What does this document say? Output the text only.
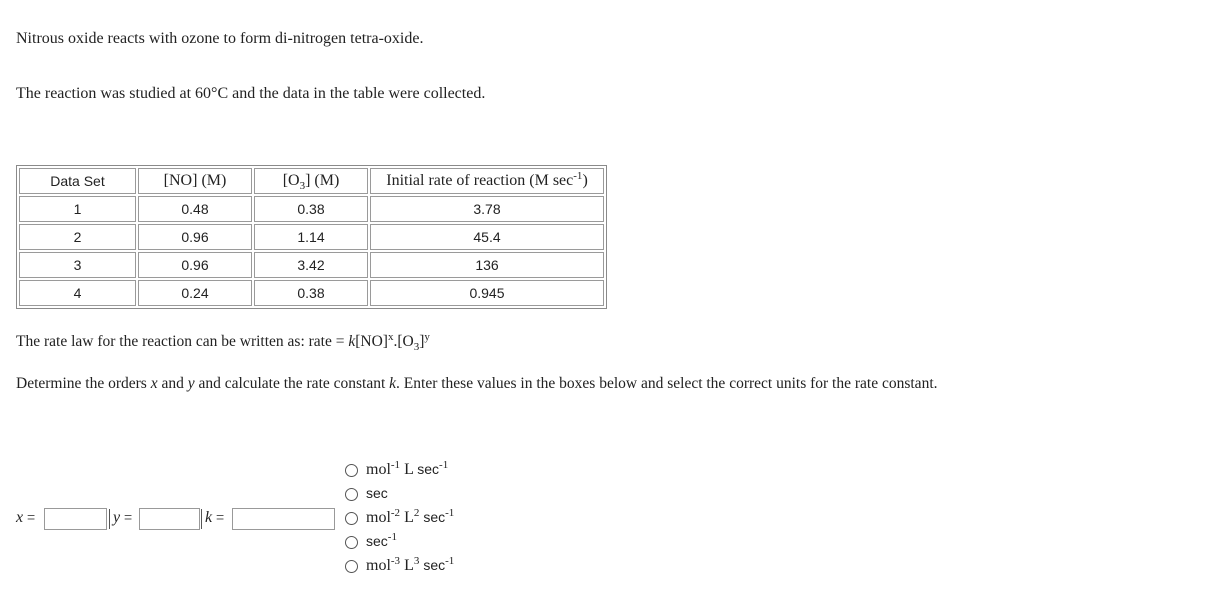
Nitrous oxide reacts with ozone to form di-nitrogen tetra-oxide.
The reaction was studied at 60°C and the data in the table were collected.
Data Set	[NO] (M)	$[O_3]$ (M)	Initial rate of reaction (M $\sec^{-1}$)
1	0.48	0.38	3.78
2	0.96	1.14	45.4
3	0.96	3.42	136
4	0.24	0.38	0.945
The rate law for the reaction can be written as: rate = $k[NO]^x.[O_3]^y$
Determine the orders x and y and calculate the rate constant k. Enter these values in the boxes below and select the correct units for the rate constant.
x =	y =	k =
mol$^{-1}$ L $\sec^{-1}$
sec
mol$^{-2}$ $L^2$ $\sec^{-1}$
$\sec^{-1}$
mol$^{-3}$ $L^3$ $\sec^{-1}$
